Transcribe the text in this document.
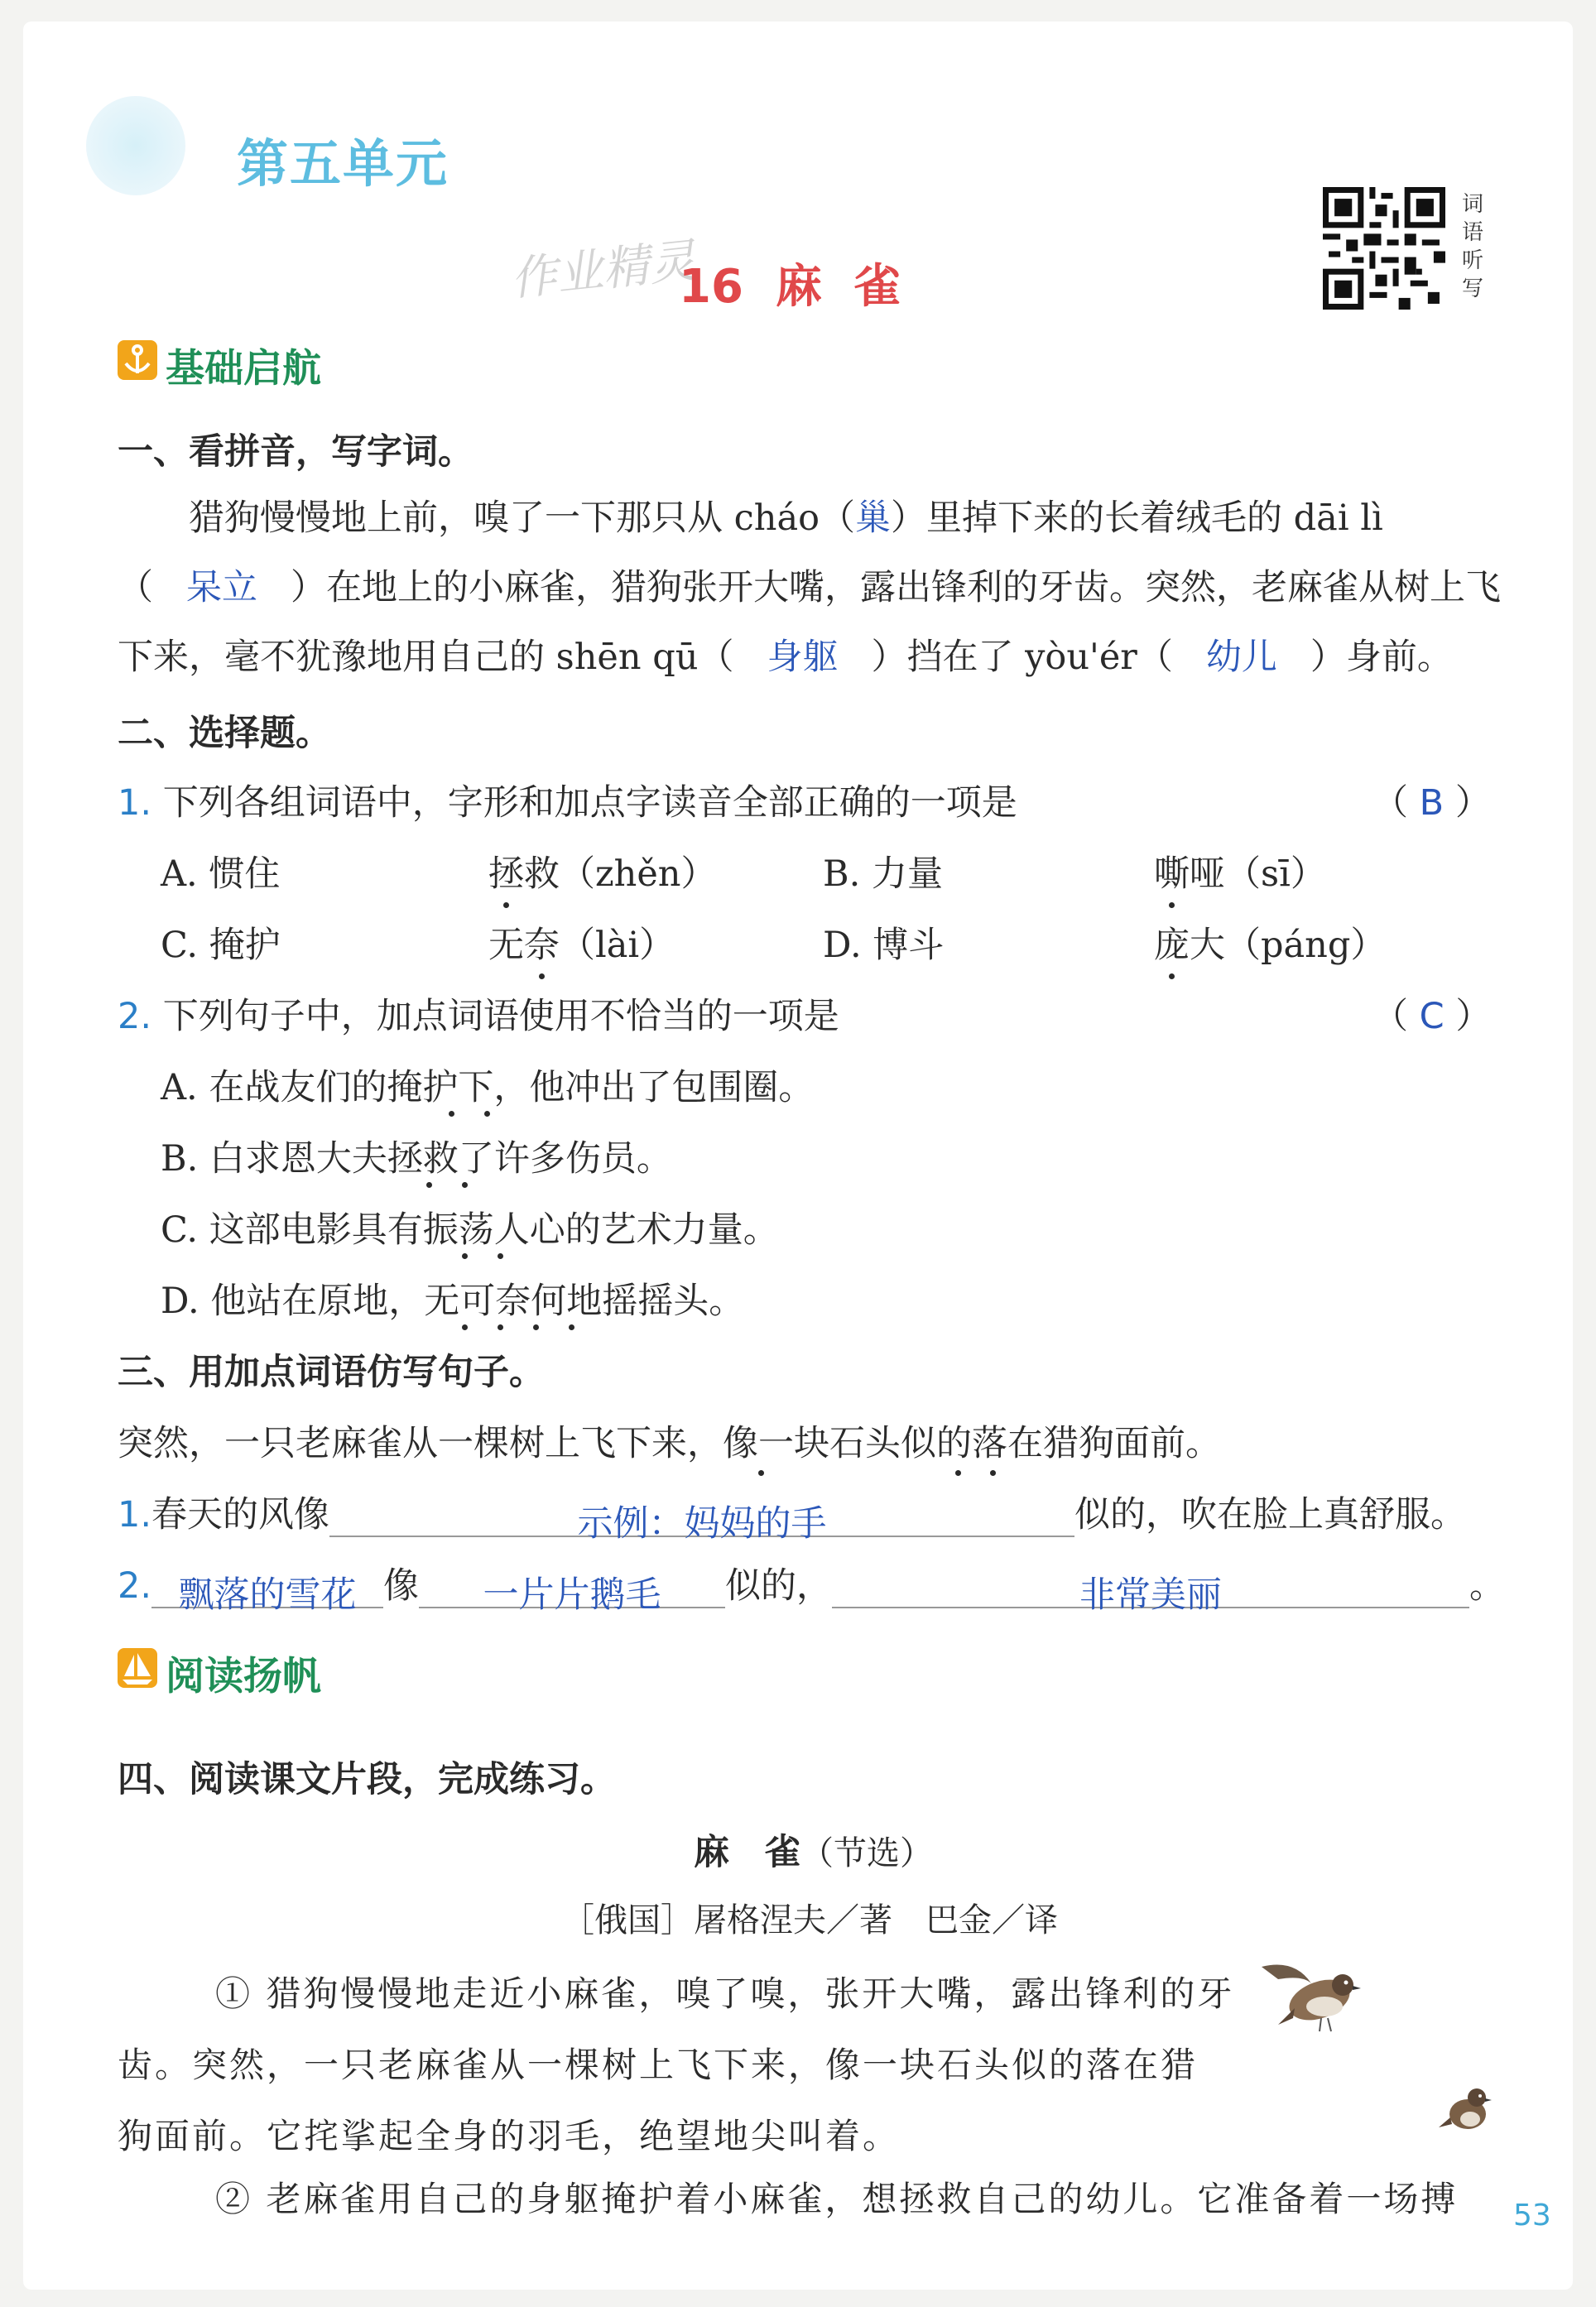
第五单元
作业精灵
16  麻  雀
词
语
听
写
基础启航
一、看拼音，写字词。
猎狗慢慢地上前，嗅了一下那只从 cháo（巢）里掉下来的长着绒毛的 dāi lì
（ 呆立 ）在地上的小麻雀，猎狗张开大嘴，露出锋利的牙齿。突然，老麻雀从树上飞
下来，毫不犹豫地用自己的 shēn qū（ 身躯 ）挡在了 yòu'ér（ 幼儿 ）身前。
二、选择题。
1. 下列各组词语中，字形和加点字读音全部正确的一项是	（ B ）
A. 惯住	拯救（zhěn）	B. 力量	嘶哑（sī）
C. 掩护	无奈（lài）	D. 博斗	庞大（páng）
2. 下列句子中，加点词语使用不恰当的一项是	（ C ）
A. 在战友们的掩护下，他冲出了包围圈。
B. 白求恩大夫拯救了许多伤员。
C. 这部电影具有振荡人心的艺术力量。
D. 他站在原地，无可奈何地摇摇头。
三、用加点词语仿写句子。
突然，一只老麻雀从一棵树上飞下来，像一块石头似的落在猎狗面前。
1.春天的风像	示例：妈妈的手	似的，吹在脸上真舒服。
2. 飘落的雪花 像 一片片鹅毛 似的，	非常美丽	。
阅读扬帆
四、阅读课文片段，完成练习。
麻　雀（节选）
［俄国］屠格涅夫／著　巴金／译
① 猎狗慢慢地走近小麻雀，嗅了嗅，张开大嘴，露出锋利的牙
齿。突然，一只老麻雀从一棵树上飞下来，像一块石头似的落在猎
狗面前。它挓挲起全身的羽毛，绝望地尖叫着。
② 老麻雀用自己的身躯掩护着小麻雀，想拯救自己的幼儿。它准备着一场搏 53
